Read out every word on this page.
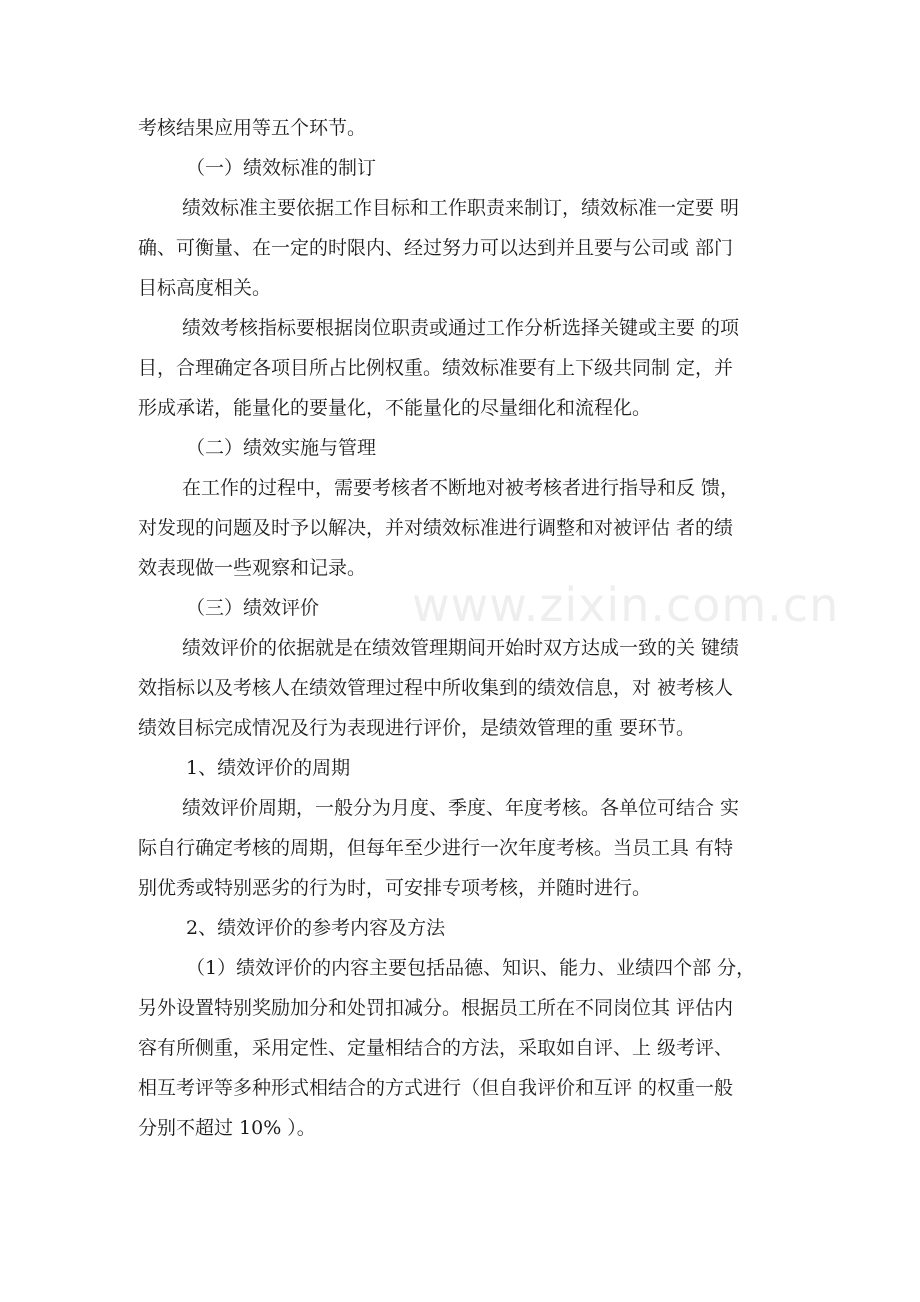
www.zixin.com.cn

考核结果应用等五个环节。

（一）绩效标准的制订

绩效标准主要依据工作目标和工作职责来制订，绩效标准一定要 明

确、可衡量、在一定的时限内、经过努力可以达到并且要与公司或 部门

目标高度相关。

绩效考核指标要根据岗位职责或通过工作分析选择关键或主要 的项

目，合理确定各项目所占比例权重。绩效标准要有上下级共同制 定，并

形成承诺，能量化的要量化，不能量化的尽量细化和流程化。

（二）绩效实施与管理

在工作的过程中，需要考核者不断地对被考核者进行指导和反 馈，

对发现的问题及时予以解决，并对绩效标准进行调整和对被评估 者的绩

效表现做一些观察和记录。

（三）绩效评价

绩效评价的依据就是在绩效管理期间开始时双方达成一致的关 键绩

效指标以及考核人在绩效管理过程中所收集到的绩效信息，对 被考核人

绩效目标完成情况及行为表现进行评价，是绩效管理的重 要环节。

1、绩效评价的周期

绩效评价周期，一般分为月度、季度、年度考核。各单位可结合 实

际自行确定考核的周期，但每年至少进行一次年度考核。当员工具 有特

别优秀或特别恶劣的行为时，可安排专项考核，并随时进行。

2、绩效评价的参考内容及方法

（1）绩效评价的内容主要包括品德、知识、能力、业绩四个部 分，

另外设置特别奖励加分和处罚扣减分。根据员工所在不同岗位其 评估内

容有所侧重，采用定性、定量相结合的方法，采取如自评、上 级考评、

相互考评等多种形式相结合的方式进行（但自我评价和互评 的权重一般

分别不超过 10% ）。
